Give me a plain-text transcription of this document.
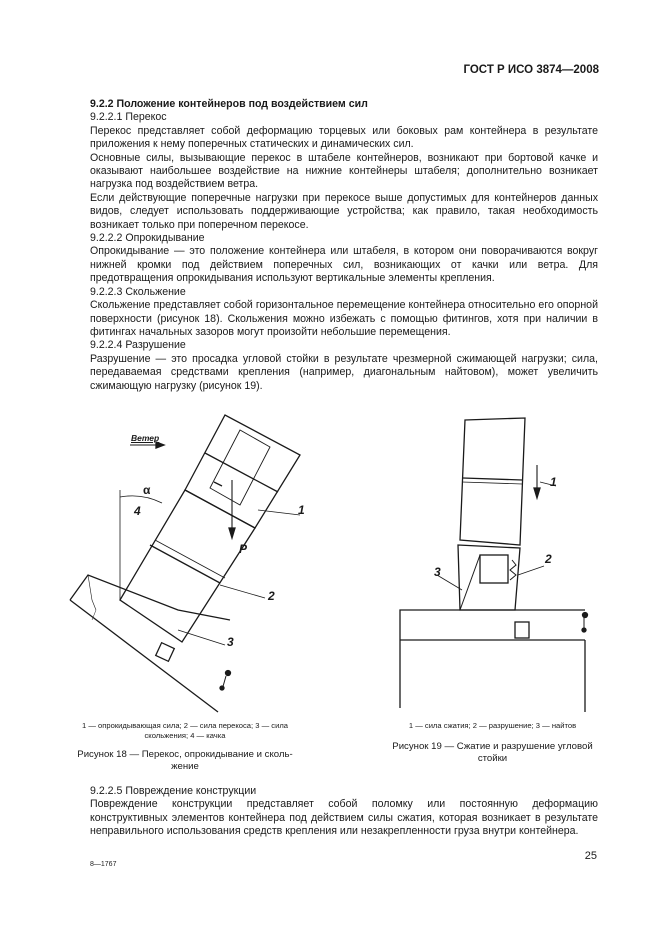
ГОСТ Р ИСО 3874—2008

9.2.2 Положение контейнеров под воздействием сил

9.2.2.1 Перекос

Перекос представляет собой деформацию торцевых или боковых рам контейнера в результате приложения к нему поперечных статических и динамических сил.

Основные силы, вызывающие перекос в штабеле контейнеров, возникают при бортовой качке и оказывают наибольшее воздействие на нижние контейнеры штабеля; дополнительно возникает нагрузка под воздействием ветра.

Если действующие поперечные нагрузки при перекосе выше допустимых для контейнеров данных видов, следует использовать поддерживающие устройства; как правило, такая необходимость возникает только при поперечном перекосе.

9.2.2.2 Опрокидывание

Опрокидывание — это положение контейнера или штабеля, в котором они поворачиваются вокруг нижней кромки под действием поперечных сил, возникающих от качки или ветра. Для предотвращения опрокидывания используют вертикальные элементы крепления.

9.2.2.3 Скольжение

Скольжение представляет собой горизонтальное перемещение контейнера относительно его опорной поверхности (рисунок 18). Скольжения можно избежать с помощью фитингов, хотя при наличии в фитингах начальных зазоров могут произойти небольшие перемещения.

9.2.2.4 Разрушение

Разрушение — это просадка угловой стойки в результате чрезмерной сжимающей нагрузки; сила, передаваемая средствами крепления (например, диагональным найтовом), может увеличить сжимающую нагрузку (рисунок 19).

Ветер
α
4
P
1
2
3
1 — опрокидывающая сила; 2 — сила перекоса; 3 — сила
скольжения; 4 — качка
Рисунок 18 — Перекос, опрокидывание и сколь-
жение
1
2
3
1 — сила сжатия; 2 — разрушение; 3 — найтов
Рисунок 19 — Сжатие и разрушение угловой
стойки

9.2.2.5 Повреждение конструкции

Повреждение конструкции представляет собой поломку или постоянную деформацию конструктивных элементов контейнера под действием силы сжатия, которая возникает в результате неправильного использования средств крепления или незакрепленности груза внутри контейнера.

8—1767
25
